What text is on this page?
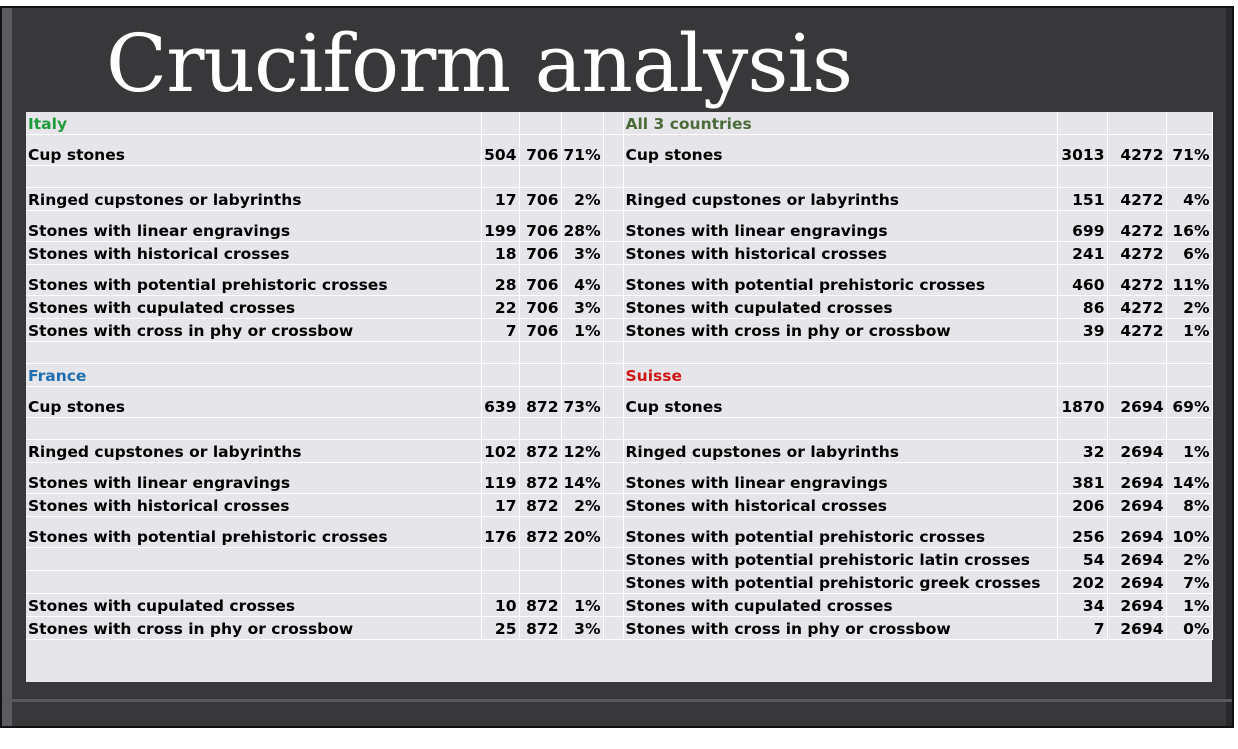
Cruciform analysis
Italy					All 3 countries			
Cup stones	504	706	71%		Cup stones	3013	4272	71%

Ringed cupstones or labyrinths	17	706	2%		Ringed cupstones or labyrinths	151	4272	4%
Stones with linear engravings	199	706	28%		Stones with linear engravings	699	4272	16%
Stones with historical crosses	18	706	3%		Stones with historical crosses	241	4272	6%
Stones with potential prehistoric crosses	28	706	4%		Stones with potential prehistoric crosses	460	4272	11%
Stones with cupulated crosses	22	706	3%		Stones with cupulated crosses	86	4272	2%
Stones with cross in phy or crossbow	7	706	1%		Stones with cross in phy or crossbow	39	4272	1%

France					Suisse			
Cup stones	639	872	73%		Cup stones	1870	2694	69%

Ringed cupstones or labyrinths	102	872	12%		Ringed cupstones or labyrinths	32	2694	1%
Stones with linear engravings	119	872	14%		Stones with linear engravings	381	2694	14%
Stones with historical crosses	17	872	2%		Stones with historical crosses	206	2694	8%
Stones with potential prehistoric crosses	176	872	20%		Stones with potential prehistoric crosses	256	2694	10%
					Stones with potential prehistoric latin crosses	54	2694	2%
					Stones with potential prehistoric greek crosses	202	2694	7%
Stones with cupulated crosses	10	872	1%		Stones with cupulated crosses	34	2694	1%
Stones with cross in phy or crossbow	25	872	3%		Stones with cross in phy or crossbow	7	2694	0%
